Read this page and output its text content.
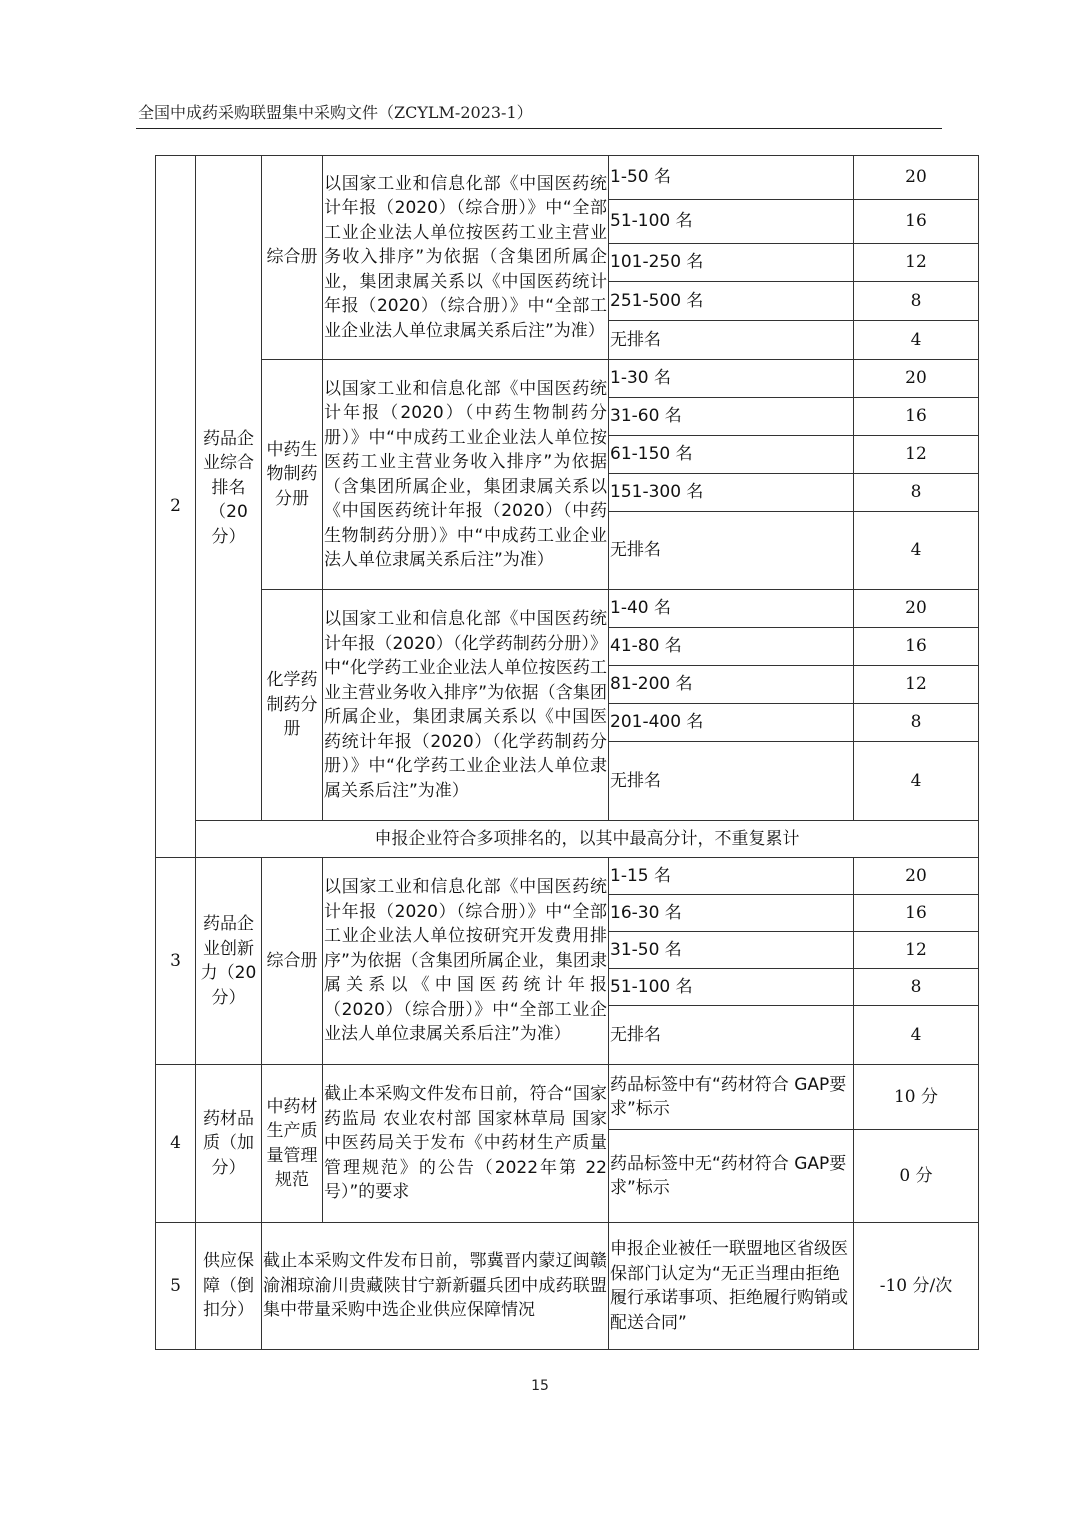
全国中成药采购联盟集中采购文件（ZCYLM-2023-1）
2	药品企业综合排名（20分）	综合册	以国家工业和信息化部《中国医药统计年报（2020）（综合册）》中“全部工业企业法人单位按医药工业主营业务收入排序”为依据（含集团所属企业，集团隶属关系以《中国医药统计年报（2020）（综合册）》中“全部工业企业法人单位隶属关系后注”为准）	1-50 名	20
				51-100 名	16
				101-250 名	12
				251-500 名	8
				无排名	4
		中药生物制药分册	以国家工业和信息化部《中国医药统计年报（2020）（中药生物制药分册）》中“中成药工业企业法人单位按医药工业主营业务收入排序”为依据（含集团所属企业，集团隶属关系以《中国医药统计年报（2020）（中药生物制药分册）》中“中成药工业企业法人单位隶属关系后注”为准）	1-30 名	20
				31-60 名	16
				61-150 名	12
				151-300 名	8
				无排名	4
		化学药制药分册	以国家工业和信息化部《中国医药统计年报（2020）（化学药制药分册）》中“化学药工业企业法人单位按医药工业主营业务收入排序”为依据（含集团所属企业，集团隶属关系以《中国医药统计年报（2020）（化学药制药分册）》中“化学药工业企业法人单位隶属关系后注”为准）	1-40 名	20
				41-80 名	16
				81-200 名	12
				201-400 名	8
				无排名	4
	申报企业符合多项排名的，以其中最高分计，不重复累计				
3	药品企业创新力（20分）	综合册	以国家工业和信息化部《中国医药统计年报（2020）（综合册）》中“全部工业企业法人单位按研究开发费用排序”为依据（含集团所属企业，集团隶属关系以《中国医药统计年报（2020）（综合册）》中“全部工业企业法人单位隶属关系后注”为准）	1-15 名	20
				16-30 名	16
				31-50 名	12
				51-100 名	8
				无排名	4
4	药材品质（加分）	中药材生产质量管理规范	截止本采购文件发布日前，符合“国家药监局 农业农村部 国家林草局 国家中医药局关于发布《中药材生产质量管理规范》的公告（2022年第 22 号）”的要求	药品标签中有“药材符合 GAP要求”标示	10 分
				药品标签中无“药材符合 GAP要求”标示	0 分
5	供应保障（倒扣分）	截止本采购文件发布日前，鄂冀晋内蒙辽闽赣渝湘琼渝川贵藏陕甘宁新新疆兵团中成药联盟集中带量采购中选企业供应保障情况		申报企业被任一联盟地区省级医保部门认定为“无正当理由拒绝履行承诺事项、拒绝履行购销或配送合同”	-10 分/次
15
